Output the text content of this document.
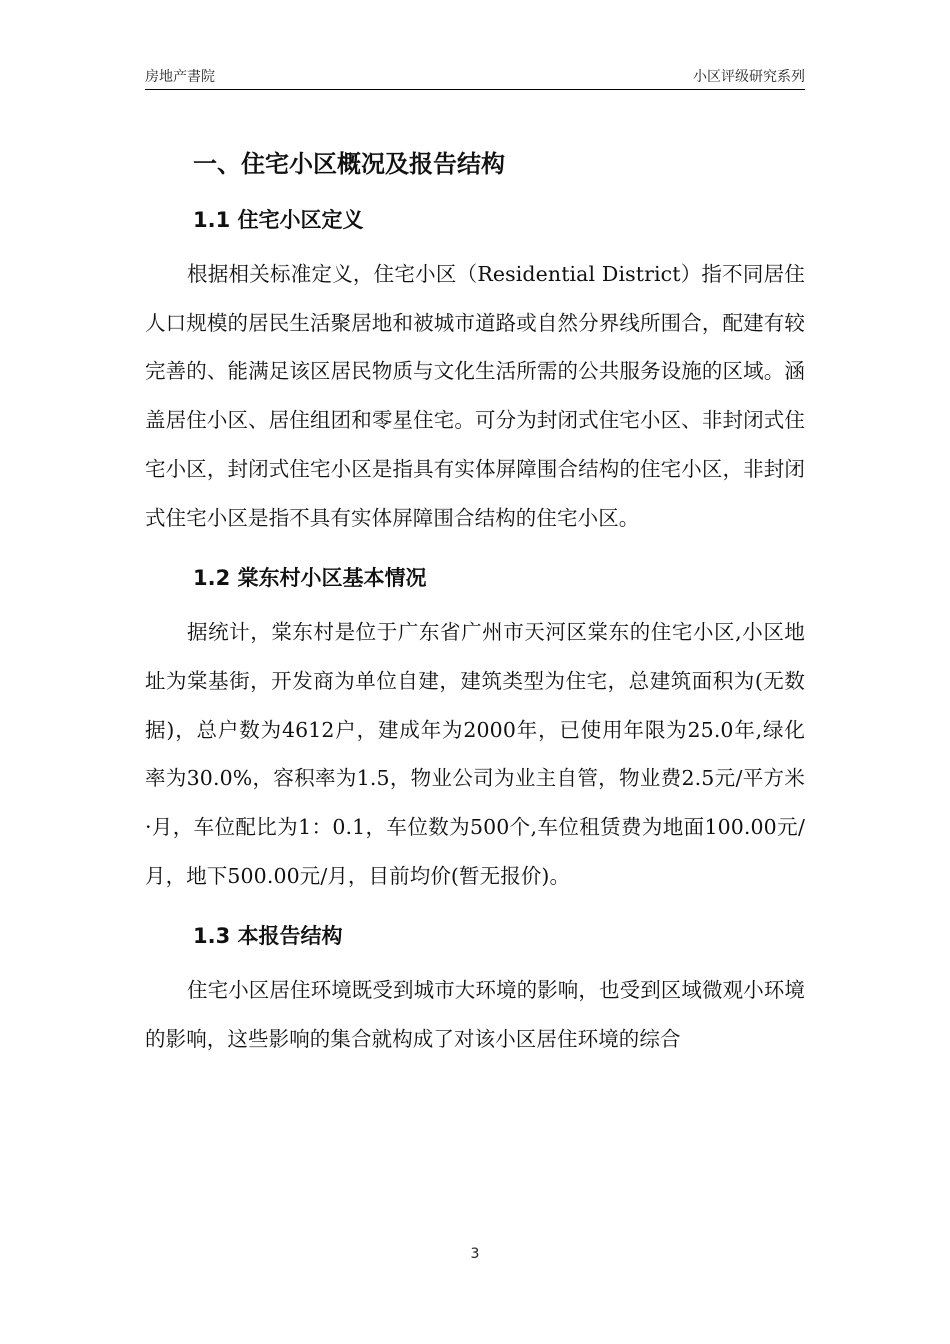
房地产書院	小区评级研究系列
一、住宅小区概况及报告结构
1.1 住宅小区定义

根据相关标准定义，住宅小区（Residential District）指不同居住人口规模的居民生活聚居地和被城市道路或自然分界线所围合，配建有较完善的、能满足该区居民物质与文化生活所需的公共服务设施的区域。涵盖居住小区、居住组团和零星住宅。可分为封闭式住宅小区、非封闭式住宅小区，封闭式住宅小区是指具有实体屏障围合结构的住宅小区，非封闭式住宅小区是指不具有实体屏障围合结构的住宅小区。

1.2 棠东村小区基本情况

据统计，棠东村是位于广东省广州市天河区棠东的住宅小区,小区地址为棠基街，开发商为单位自建，建筑类型为住宅，总建筑面积为(无数据)，总户数为4612户，建成年为2000年，已使用年限为25.0年,绿化率为30.0%，容积率为1.5，物业公司为业主自管，物业费2.5元/平方米·月，车位配比为1：0.1，车位数为500个,车位租赁费为地面100.00元/月，地下500.00元/月，目前均价(暂无报价)。

1.3 本报告结构

住宅小区居住环境既受到城市大环境的影响，也受到区域微观小环境的影响，这些影响的集合就构成了对该小区居住环境的综合

3
